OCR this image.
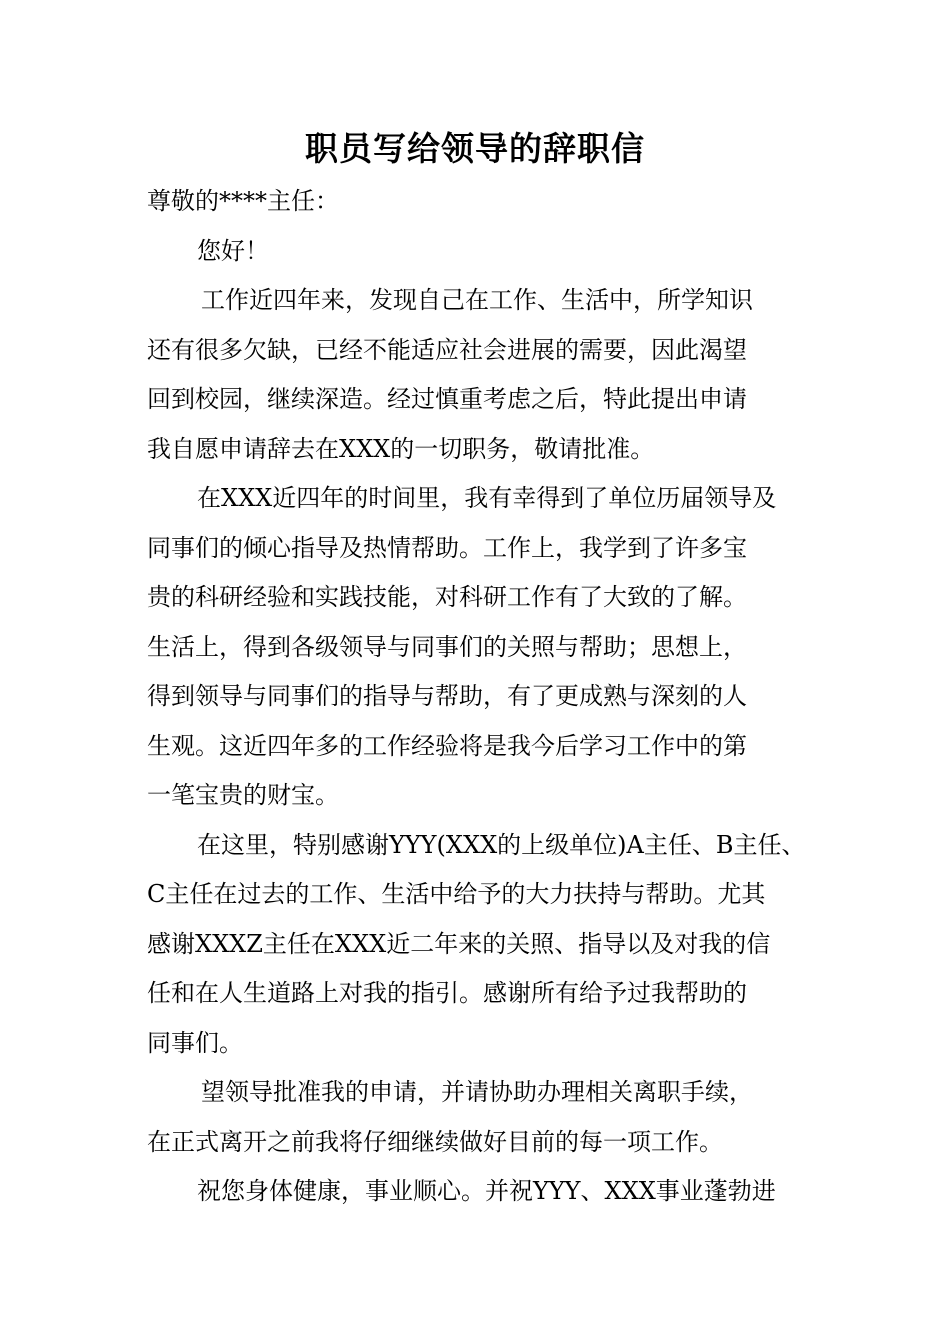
职员写给领导的辞职信
尊敬的****主任：
您好！
工作近四年来，发现自己在工作、生活中，所学知识
还有很多欠缺，已经不能适应社会进展的需要，因此渴望
回到校园，继续深造。经过慎重考虑之后，特此提出申请
我自愿申请辞去在XXX的一切职务，敬请批准。
在XXX近四年的时间里，我有幸得到了单位历届领导及
同事们的倾心指导及热情帮助。工作上，我学到了许多宝
贵的科研经验和实践技能，对科研工作有了大致的了解。
生活上，得到各级领导与同事们的关照与帮助；思想上，
得到领导与同事们的指导与帮助，有了更成熟与深刻的人
生观。这近四年多的工作经验将是我今后学习工作中的第
一笔宝贵的财宝。
在这里，特别感谢YYY(XXX的上级单位)A主任、B主任、
C主任在过去的工作、生活中给予的大力扶持与帮助。尤其
感谢XXXZ主任在XXX近二年来的关照、指导以及对我的信
任和在人生道路上对我的指引。感谢所有给予过我帮助的
同事们。
望领导批准我的申请，并请协助办理相关离职手续，
在正式离开之前我将仔细继续做好目前的每一项工作。
祝您身体健康，事业顺心。并祝YYY、XXX事业蓬勃进
